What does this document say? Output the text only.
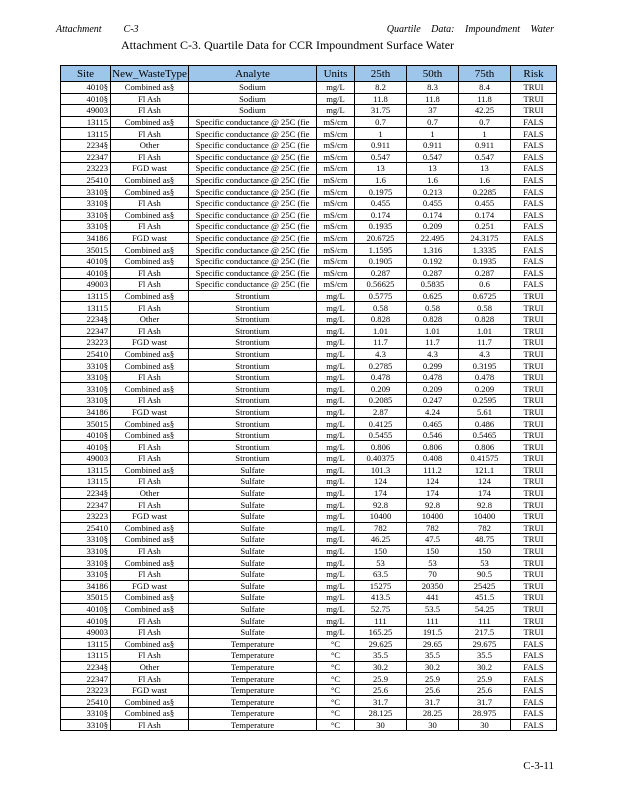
Attachment C-3	Quartile Data: Impoundment Water
Attachment C-3. Quartile Data for CCR Impoundment Surface Water
Site	New_WasteType	Analyte	Units	25th	50th	75th	Risk
4010§	Combined as§	Sodium	mg/L	8.2	8.3	8.4	TRUI
4010§	Fl Ash	Sodium	mg/L	11.8	11.8	11.8	TRUI
49003	Fl Ash	Sodium	mg/L	31.75	37	42.25	TRUI
13115	Combined as§	Specific conductance @ 25C (fie	mS/cm	0.7	0.7	0.7	FALS
13115	Fl Ash	Specific conductance @ 25C (fie	mS/cm	1	1	1	FALS
2234§	Other	Specific conductance @ 25C (fie	mS/cm	0.911	0.911	0.911	FALS
22347	Fl Ash	Specific conductance @ 25C (fie	mS/cm	0.547	0.547	0.547	FALS
23223	FGD wast	Specific conductance @ 25C (fie	mS/cm	13	13	13	FALS
25410	Combined as§	Specific conductance @ 25C (fie	mS/cm	1.6	1.6	1.6	FALS
3310§	Combined as§	Specific conductance @ 25C (fie	mS/cm	0.1975	0.213	0.2285	FALS
3310§	Fl Ash	Specific conductance @ 25C (fie	mS/cm	0.455	0.455	0.455	FALS
3310§	Combined as§	Specific conductance @ 25C (fie	mS/cm	0.174	0.174	0.174	FALS
3310§	Fl Ash	Specific conductance @ 25C (fie	mS/cm	0.1935	0.209	0.251	FALS
34186	FGD wast	Specific conductance @ 25C (fie	mS/cm	20.6725	22.495	24.3175	FALS
35015	Combined as§	Specific conductance @ 25C (fie	mS/cm	1.1595	1.316	1.3335	FALS
4010§	Combined as§	Specific conductance @ 25C (fie	mS/cm	0.1905	0.192	0.1935	FALS
4010§	Fl Ash	Specific conductance @ 25C (fie	mS/cm	0.287	0.287	0.287	FALS
49003	Fl Ash	Specific conductance @ 25C (fie	mS/cm	0.56625	0.5835	0.6	FALS
13115	Combined as§	Strontium	mg/L	0.5775	0.625	0.6725	TRUI
13115	Fl Ash	Strontium	mg/L	0.58	0.58	0.58	TRUI
2234§	Other	Strontium	mg/L	0.828	0.828	0.828	TRUI
22347	Fl Ash	Strontium	mg/L	1.01	1.01	1.01	TRUI
23223	FGD wast	Strontium	mg/L	11.7	11.7	11.7	TRUI
25410	Combined as§	Strontium	mg/L	4.3	4.3	4.3	TRUI
3310§	Combined as§	Strontium	mg/L	0.2785	0.299	0.3195	TRUI
3310§	Fl Ash	Strontium	mg/L	0.478	0.478	0.478	TRUI
3310§	Combined as§	Strontium	mg/L	0.209	0.209	0.209	TRUI
3310§	Fl Ash	Strontium	mg/L	0.2085	0.247	0.2595	TRUI
34186	FGD wast	Strontium	mg/L	2.87	4.24	5.61	TRUI
35015	Combined as§	Strontium	mg/L	0.4125	0.465	0.486	TRUI
4010§	Combined as§	Strontium	mg/L	0.5455	0.546	0.5465	TRUI
4010§	Fl Ash	Strontium	mg/L	0.806	0.806	0.806	TRUI
49003	Fl Ash	Strontium	mg/L	0.40375	0.408	0.41575	TRUI
13115	Combined as§	Sulfate	mg/L	101.3	111.2	121.1	TRUI
13115	Fl Ash	Sulfate	mg/L	124	124	124	TRUI
2234§	Other	Sulfate	mg/L	174	174	174	TRUI
22347	Fl Ash	Sulfate	mg/L	92.8	92.8	92.8	TRUI
23223	FGD wast	Sulfate	mg/L	10400	10400	10400	TRUI
25410	Combined as§	Sulfate	mg/L	782	782	782	TRUI
3310§	Combined as§	Sulfate	mg/L	46.25	47.5	48.75	TRUI
3310§	Fl Ash	Sulfate	mg/L	150	150	150	TRUI
3310§	Combined as§	Sulfate	mg/L	53	53	53	TRUI
3310§	Fl Ash	Sulfate	mg/L	63.5	70	90.5	TRUI
34186	FGD wast	Sulfate	mg/L	15275	20350	25425	TRUI
35015	Combined as§	Sulfate	mg/L	413.5	441	451.5	TRUI
4010§	Combined as§	Sulfate	mg/L	52.75	53.5	54.25	TRUI
4010§	Fl Ash	Sulfate	mg/L	111	111	111	TRUI
49003	Fl Ash	Sulfate	mg/L	165.25	191.5	217.5	TRUI
13115	Combined as§	Temperature	°C	29.625	29.65	29.675	FALS
13115	Fl Ash	Temperature	°C	35.5	35.5	35.5	FALS
2234§	Other	Temperature	°C	30.2	30.2	30.2	FALS
22347	Fl Ash	Temperature	°C	25.9	25.9	25.9	FALS
23223	FGD wast	Temperature	°C	25.6	25.6	25.6	FALS
25410	Combined as§	Temperature	°C	31.7	31.7	31.7	FALS
3310§	Combined as§	Temperature	°C	28.125	28.25	28.975	FALS
3310§	Fl Ash	Temperature	°C	30	30	30	FALS
C-3-11
